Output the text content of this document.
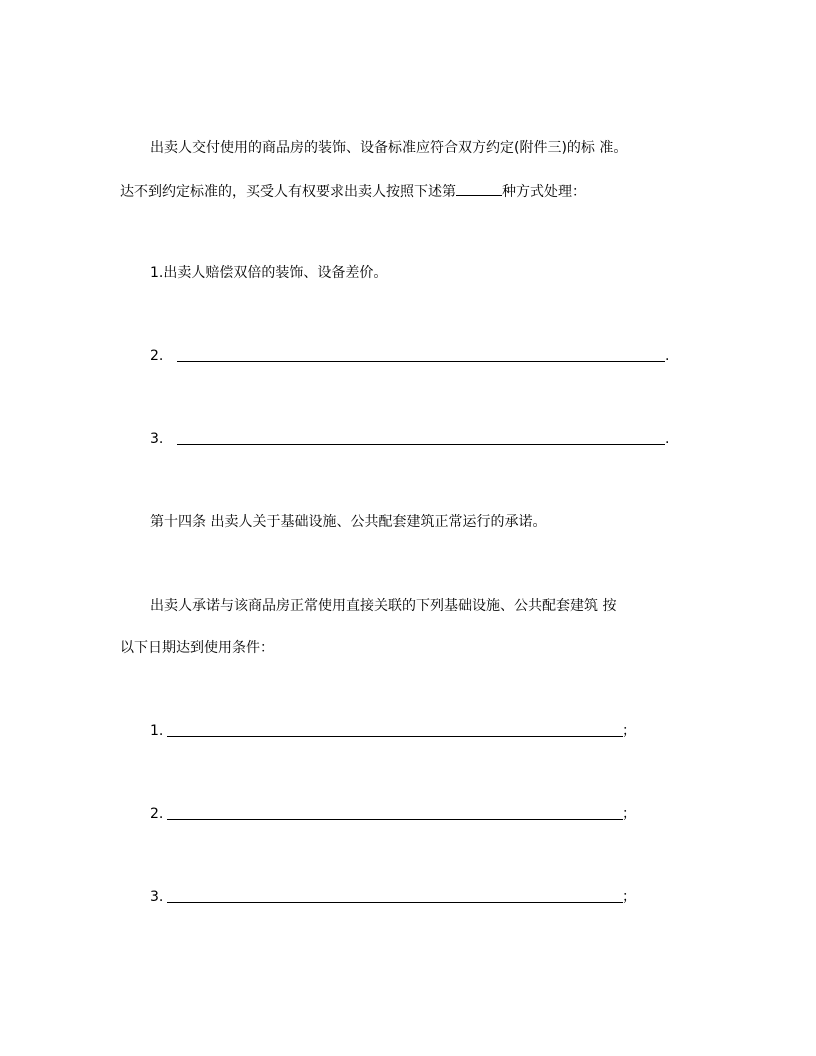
出卖人交付使用的商品房的装饰、设备标准应符合双方约定(附件三)的标 准。
达不到约定标准的，买受人有权要求出卖人按照下述第	种方式处理：
1.出卖人赔偿双倍的装饰、设备差价。
2.	.
3.	.
第十四条 出卖人关于基础设施、公共配套建筑正常运行的承诺。
出卖人承诺与该商品房正常使用直接关联的下列基础设施、公共配套建筑 按
以下日期达到使用条件：
1.	；
2.	；
3.	；
